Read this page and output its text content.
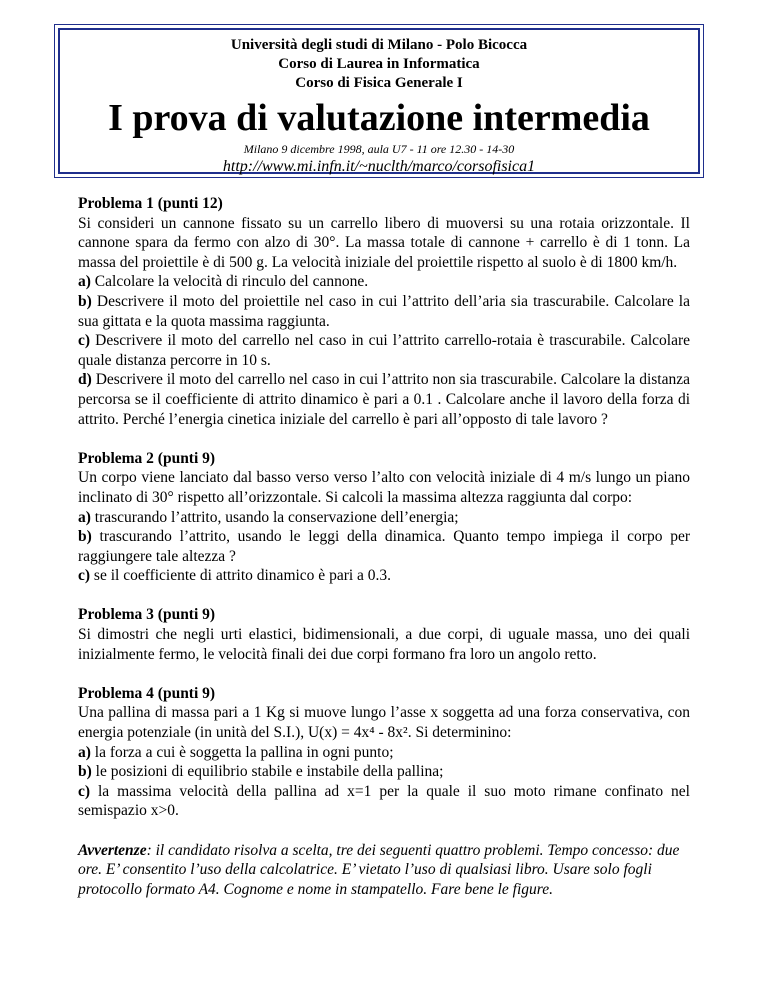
Università degli studi di Milano - Polo Bicocca
Corso di Laurea in Informatica
Corso di Fisica Generale I
I prova di valutazione intermedia
Milano 9 dicembre 1998, aula U7 - 11 ore 12.30 - 14-30
http://www.mi.infn.it/~nuclth/marco/corsofisica1
Problema 1 (punti 12)
Si consideri un cannone fissato su un carrello libero di muoversi su una rotaia orizzontale. Il cannone spara da fermo con alzo di 30°. La massa totale di cannone + carrello è di 1 tonn. La massa del proiettile è di 500 g. La velocità iniziale del proiettile rispetto al suolo è di 1800 km/h.
a) Calcolare la velocità di rinculo del cannone.
b) Descrivere il moto del proiettile nel caso in cui l’attrito dell’aria sia trascurabile. Calcolare la sua gittata e la quota massima raggiunta.
c) Descrivere il moto del carrello nel caso in cui l’attrito carrello-rotaia è trascurabile. Calcolare quale distanza percorre in 10 s.
d) Descrivere il moto del carrello nel caso in cui l’attrito non sia trascurabile. Calcolare la distanza percorsa se il coefficiente di attrito dinamico è pari a 0.1 . Calcolare anche il lavoro della forza di attrito. Perché l’energia cinetica iniziale del carrello è pari all’opposto di tale lavoro ?
Problema 2 (punti 9)
Un corpo viene lanciato dal basso verso verso l’alto con velocità iniziale di 4 m/s lungo un piano inclinato di 30° rispetto all’orizzontale. Si calcoli la massima altezza raggiunta dal corpo:
a) trascurando l’attrito, usando la conservazione dell’energia;
b) trascurando l’attrito, usando le leggi della dinamica. Quanto tempo impiega il corpo per raggiungere tale altezza ?
c) se il coefficiente di attrito dinamico è pari a 0.3.
Problema 3 (punti 9)
Si dimostri che negli urti elastici, bidimensionali, a due corpi, di uguale massa, uno dei quali inizialmente fermo, le velocità finali dei due corpi formano fra loro un angolo retto.
Problema 4 (punti 9)
Una pallina di massa pari a 1 Kg si muove lungo l’asse x soggetta ad una forza conservativa, con energia potenziale (in unità del S.I.), U(x) = 4x⁴ - 8x². Si determinino:
a) la forza a cui è soggetta la pallina in ogni punto;
b) le posizioni di equilibrio stabile e instabile della pallina;
c) la massima velocità della pallina ad x=1 per la quale il suo moto rimane confinato nel semispazio x>0.
Avvertenze: il candidato risolva a scelta, tre dei seguenti quattro problemi. Tempo concesso: due ore. E’ consentito l’uso della calcolatrice. E’ vietato l’uso di qualsiasi libro. Usare solo fogli protocollo formato A4. Cognome e nome in stampatello. Fare bene le figure.
